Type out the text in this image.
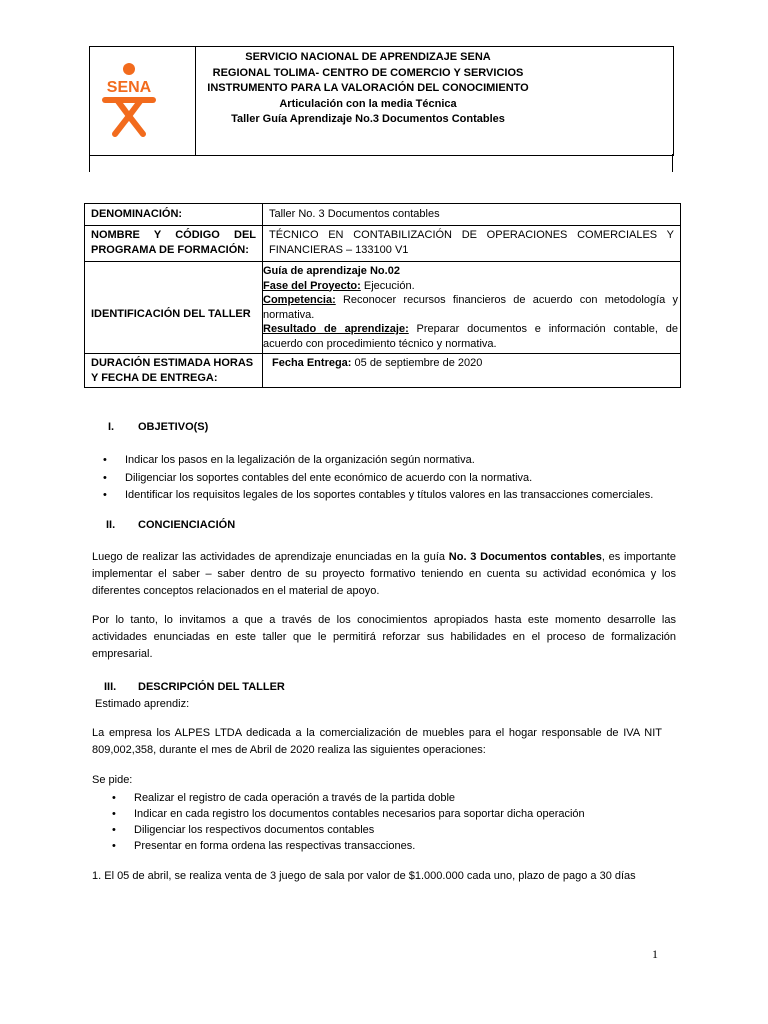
SENA
SERVICIO NACIONAL DE APRENDIZAJE SENA
REGIONAL TOLIMA- CENTRO DE COMERCIO Y SERVICIOS
INSTRUMENTO PARA LA VALORACIÓN DEL CONOCIMIENTO
Articulación con la media Técnica
Taller Guía Aprendizaje No.3 Documentos Contables
DENOMINACIÓN:	Taller No. 3 Documentos contables
NOMBRE Y CÓDIGO DEL PROGRAMA DE FORMACIÓN:	TÉCNICO EN CONTABILIZACIÓN DE OPERACIONES COMERCIALES Y FINANCIERAS – 133100 V1
IDENTIFICACIÓN DEL TALLER	Guía de aprendizaje No.02
Fase del Proyecto: Ejecución.
Competencia: Reconocer recursos financieros de acuerdo con metodología y normativa.
Resultado de aprendizaje: Preparar documentos e información contable, de acuerdo con procedimiento técnico y normativa.

DURACIÓN ESTIMADA HORAS Y FECHA DE ENTREGA:	Fecha Entrega: 05 de septiembre de 2020
I. OBJETIVO(S)
• Indicar los pasos en la legalización de la organización según normativa.
• Diligenciar los soportes contables del ente económico de acuerdo con la normativa.
• Identificar los requisitos legales de los soportes contables y títulos valores en las transacciones comerciales.
II. CONCIENCIACIÓN
Luego de realizar las actividades de aprendizaje enunciadas en la guía No. 3 Documentos contables, es importante implementar el saber – saber dentro de su proyecto formativo teniendo en cuenta su actividad económica y los diferentes conceptos relacionados en el material de apoyo.
Por lo tanto, lo invitamos a que a través de los conocimientos apropiados hasta este momento desarrolle las actividades enunciadas en este taller que le permitirá reforzar sus habilidades en el proceso de formalización empresarial.
III. DESCRIPCIÓN DEL TALLER
Estimado aprendiz:
La empresa los ALPES LTDA dedicada a la comercialización de muebles para el hogar responsable de IVA NIT 809,002,358, durante el mes de Abril de 2020 realiza las siguientes operaciones:
Se pide:
• Realizar el registro de cada operación a través de la partida doble
• Indicar en cada registro los documentos contables necesarios para soportar dicha operación
• Diligenciar los respectivos documentos contables
• Presentar en forma ordena las respectivas transacciones.
1. El 05 de abril, se realiza venta de 3 juego de sala por valor de $1.000.000 cada uno, plazo de pago a 30 días
1
